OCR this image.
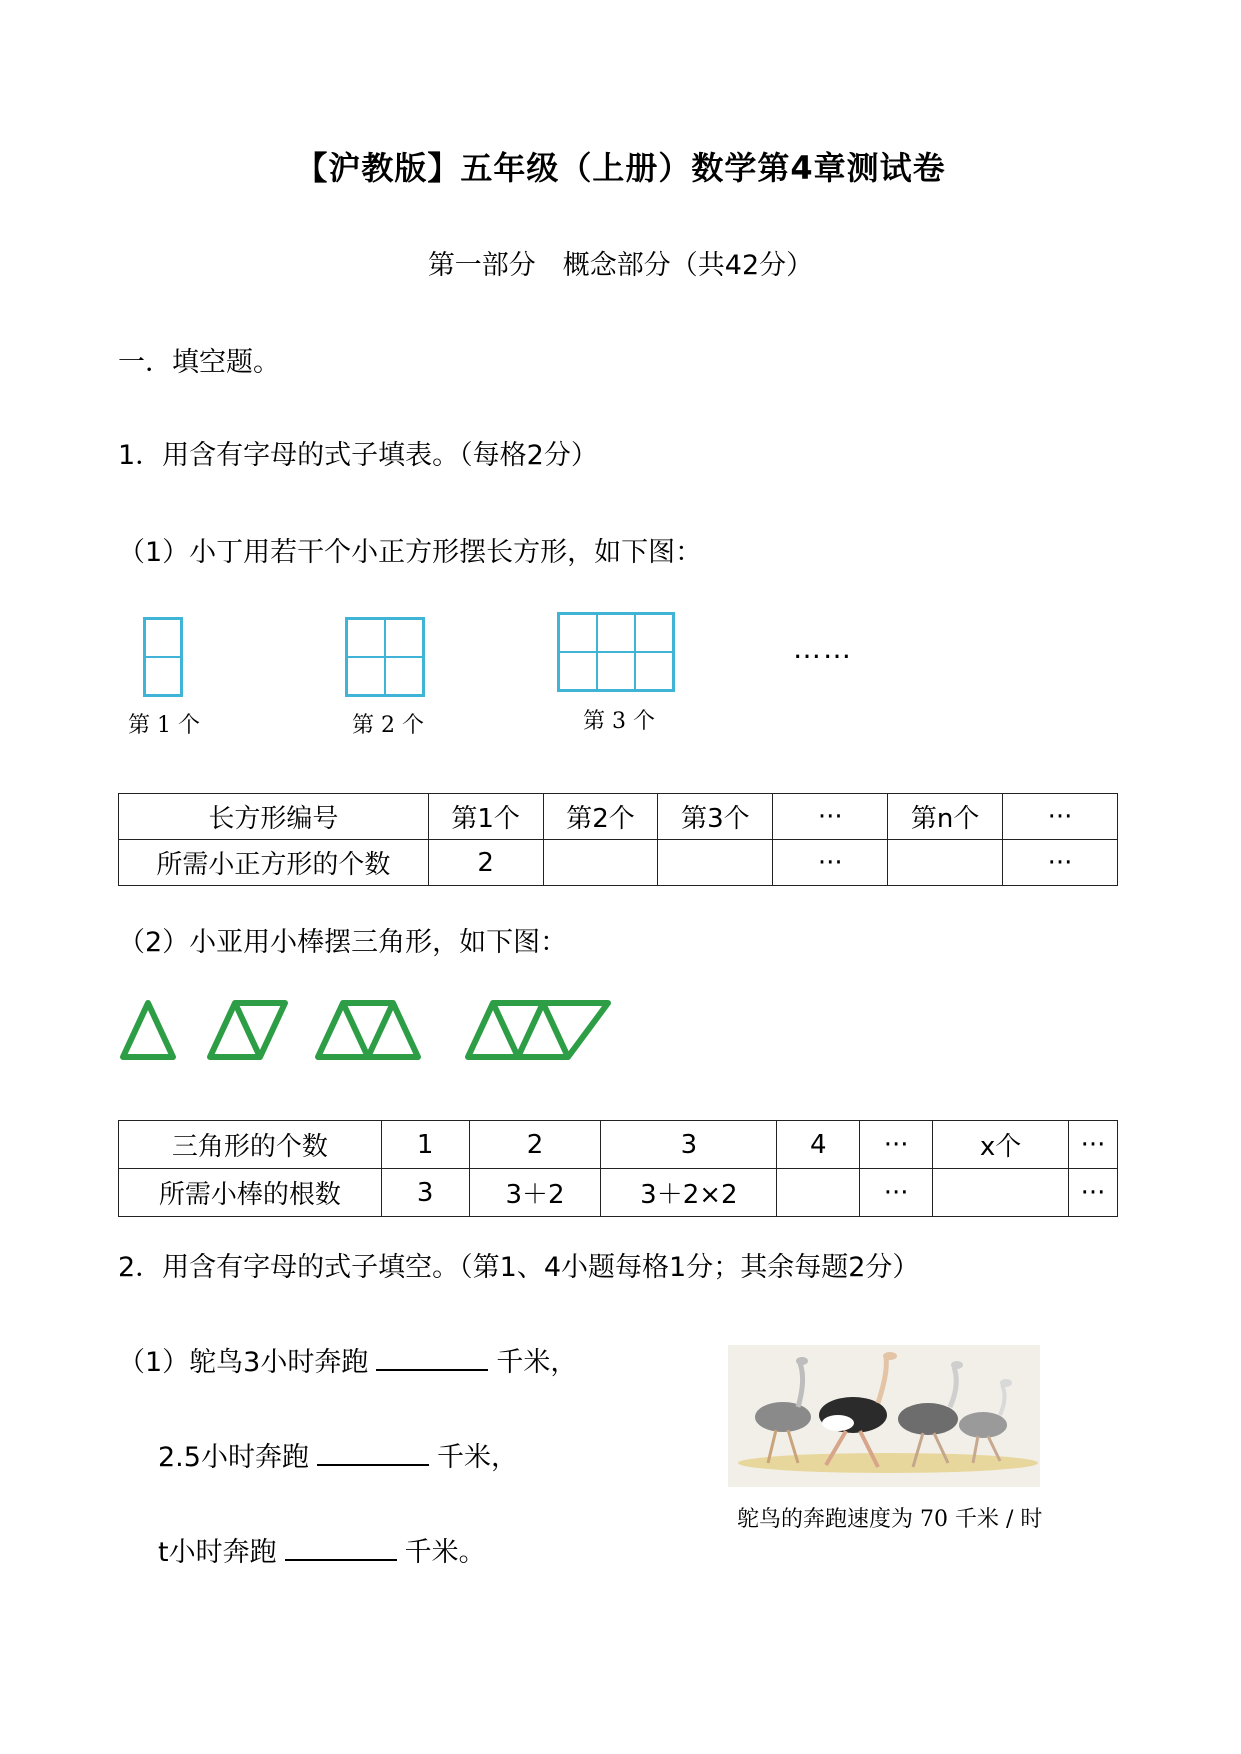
【沪教版】五年级（上册）数学第4章测试卷
第一部分　概念部分（共42分）
一．填空题。
1．用含有字母的式子填表。（每格2分）
（1）小丁用若干个小正方形摆长方形，如下图：
第 1 个	第 2 个	第 3 个
……
长方形编号	第1个	第2个	第3个	···	第n个	···
所需小正方形的个数	2			···		···
（2）小亚用小棒摆三角形，如下图：
三角形的个数	1	2	3	4	···	x个	···
所需小棒的根数	3	3＋2	3＋2×2		···		···
2．用含有字母的式子填空。（第1、4小题每格1分；其余每题2分）
（1）鸵鸟3小时奔跑	千米，
2.5小时奔跑	千米，
t小时奔跑	千米。
鸵鸟的奔跑速度为 70 千米 / 时
